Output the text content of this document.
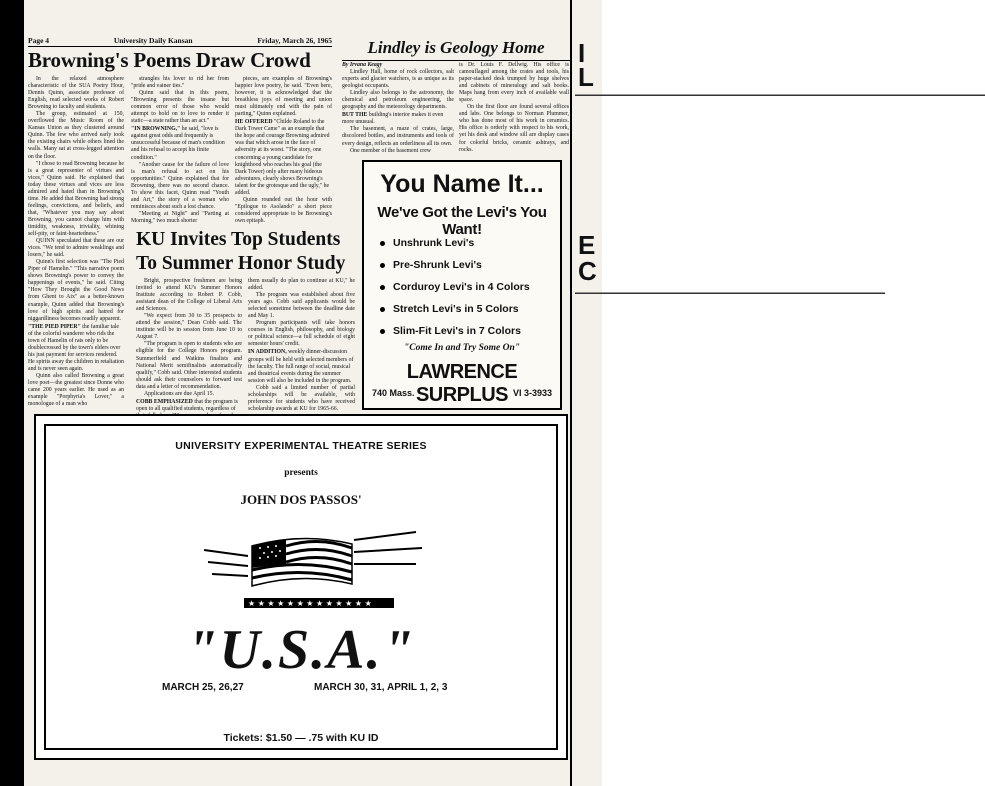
Page 4	University Daily Kansan	Friday, March 26, 1965
Browning's Poems Draw Crowd

In the relaxed atmosphere characteristic of the SUA Poetry Hour, Dennis Quinn, associate professor of English, read selected works of Robert Browning to faculty and students.

The group, estimated at 150, overflowed the Music Room of the Kansas Union as they clustered around Quinn. The few who arrived early took the existing chairs while others lined the walls. Many sat at cross-legged attention on the floor.

"I chose to read Browning because he is a great representer of virtues and vices," Quinn said. He explained that today these virtues and vices are less admired and hated than in Browning's time. He added that Browning had strong feelings, convictions, and beliefs, and that, "Whatever you may say about Browning, you cannot charge him with timidity, weakness, triviality, whining self-pity, or faint-heartedness."

QUINN speculated that these are our vices. "We tend to admire weaklings and losers," he said.

Quinn's first selection was "The Pied Piper of Hamelin." "This narrative poem shows Browning's power to convey the happenings of events," he said. Citing "How They Brought the Good News from Ghent to Aix" as a better-known example, Quinn added that Browning's love of high spirits and hatred for niggardliness becomes readily apparent.

"THE PIED PIPER" the familiar tale of the colorful wanderer who rids the town of Hamelin of rats only to be doublecrossed by the town's elders over his just payment for services rendered. He spirits away the children in retaliation and is never seen again.

Quinn also called Browning a great love poet—the greatest since Donne who came 200 years earlier. He used as an example "Porphyria's Lover," a monologue of a man who

strangles his lover to rid her from "pride and vainer ties."

Quinn said that in this poem, "Browning presents the insane but common error of those who would attempt to hold on to love to render it static—a state rather than an act."

"IN BROWNING," he said, "love is against great odds and frequently is unsuccessful because of man's condition and his refusal to accept his finite condition."

"Another cause for the failure of love is man's refusal to act on his opportunities." Quinn explained that for Browning, there was no second chance. To show this facet, Quinn read "Youth and Art," the story of a woman who reminisces about such a lost chance.

"Meeting at Night" and "Parting at Morning," two much shorter

pieces, are examples of Browning's happier love poetry, he said. "Even here, however, it is acknowledged that the breathless joys of meeting and union must ultimately end with the pain of parting," Quinn explained.

HE OFFERED "Childe Roland to the Dark Tower Came" as an example that the hope and courage Browning admired was that which arose in the face of adversity at its worst. "The story, one concerning a young candidate for knighthood who reaches his goal (the Dark Tower) only after many hideous adventures, clearly shows Browning's talent for the grotesque and the ugly," he added.

Quinn rounded out the hour with "Epilogue to Asolando" a short piece considered appropriate to be Browning's own epitaph.

Lindley is Geology Home

By Irvana Keagy

Lindley Hall, home of rock collectors, salt experts and glacier watchers, is as unique as its geologist occupants.

Lindley also belongs to the astronomy, the chemical and petroleum engineering, the geography and the meteorology departments.

BUT THE building's interior makes it even more unusual.

The basement, a maze of crates, large, discolored bottles, and instruments and tools of every design, reflects an orderliness all its own.

One member of the basement crew

is Dr. Louis F. Dellwig. His office is camouflaged among the crates and tools, his paper-stacked desk trumped by huge shelves and cabinets of mineralogy and salt books. Maps hang from every inch of available wall space.

On the first floor are found several offices and labs. One belongs to Norman Plummer, who has done most of his work in ceramics. His office is orderly with respect to his work, yet his desk and window sill are display cases for colorful bricks, ceramic ashtrays, and rocks.

KU Invites Top Students To Summer Honor Study

Bright, prospective freshmen are being invited to attend KU's Summer Honors Institute according to Robert P. Cobb, assistant dean of the College of Liberal Arts and Sciences.

"We expect from 30 to 35 prospects to attend the session," Dean Cobb said. The institute will be in session from June 10 to August 7.

"The program is open to students who are eligible for the College Honors program. Summerfield and Watkins finalists and National Merit semifinalists automatically qualify," Cobb said. Other interested students should ask their counselors to forward test data and a letter of recommendation.

Applications are due April 15.

COBB EMPHASIZED that the program is open to all qualified students, regardless of

them usually do plan to continue at KU," he added.

The program was established about five years ago. Cobb said applicants would be selected sometime between the deadline date and May 1.

Program participants will take honors courses in English, philosophy, and biology or political science—a full schedule of eight semester hours' credit.

IN ADDITION, weekly dinner-discussion groups will be held with selected members of the faculty. The full range of social, musical and theatrical events during the summer session will also be included in the program.

Cobb said a limited number of partial scholarships will be available, with preference for students who have received scholarship awards at KU for 1965-66.

You Name It...
We've Got the Levi's You Want!
Unshrunk Levi's
Pre-Shrunk Levi's
Corduroy Levi's in 4 Colors
Stretch Levi's in 5 Colors
Slim-Fit Levi's in 7 Colors
"Come In and Try Some On"
LAWRENCE SURPLUS
740 Mass.	VI 3-3933
UNIVERSITY EXPERIMENTAL THEATRE SERIES
presents
JOHN DOS PASSOS'
★ ★ ★ ★ ★ ★ ★ ★ ★ ★ ★ ★ ★
"U.S.A."
MARCH 25, 26,27	MARCH 30, 31, APRIL 1, 2, 3
Tickets: $1.50 — .75 with KU ID
I
L
▬▬▬▬▬▬▬▬▬▬▬▬▬▬▬▬▬▬▬▬▬▬▬▬▬▬▬▬▬▬▬▬▬▬▬▬▬▬▬▬▬▬▬▬▬▬▬▬▬▬▬▬▬▬▬▬▬▬▬▬▬▬▬▬▬▬▬▬▬▬▬▬▬▬▬▬▬▬▬▬▬▬
E
C
▬▬▬▬▬▬▬▬▬▬▬▬▬▬▬▬▬▬▬▬▬▬▬▬▬▬▬▬▬▬▬▬▬▬▬▬▬▬▬▬▬▬▬▬▬▬▬▬▬▬▬▬▬▬▬▬▬▬▬▬▬▬
